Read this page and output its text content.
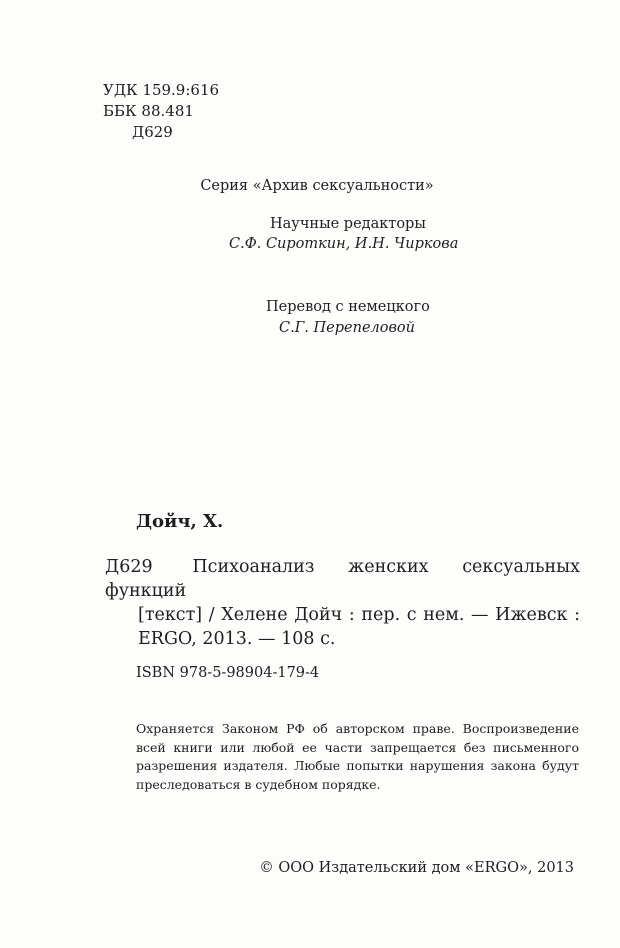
УДК 159.9:616
ББК 88.481
Д629
Серия «Архив сексуальности»
Научные редакторы
С.Ф. Сироткин, И.Н. Чиркова
Перевод с немецкого
С.Г. Перепеловой
Дойч, Х.
Д629 Психоанализ женских сексуальных функций
[текст] / Хелене Дойч : пер. с нем. — Ижевск :
ERGO, 2013. — 108 с.
ISBN 978-5-98904-179-4
Охраняется Законом РФ об авторском праве. Воспроизведение всей книги или любой ее части запрещается без письменного разрешения издателя. Любые попытки нарушения закона будут преследоваться в судебном порядке.
© ООО Издательский дом «ERGO», 2013
